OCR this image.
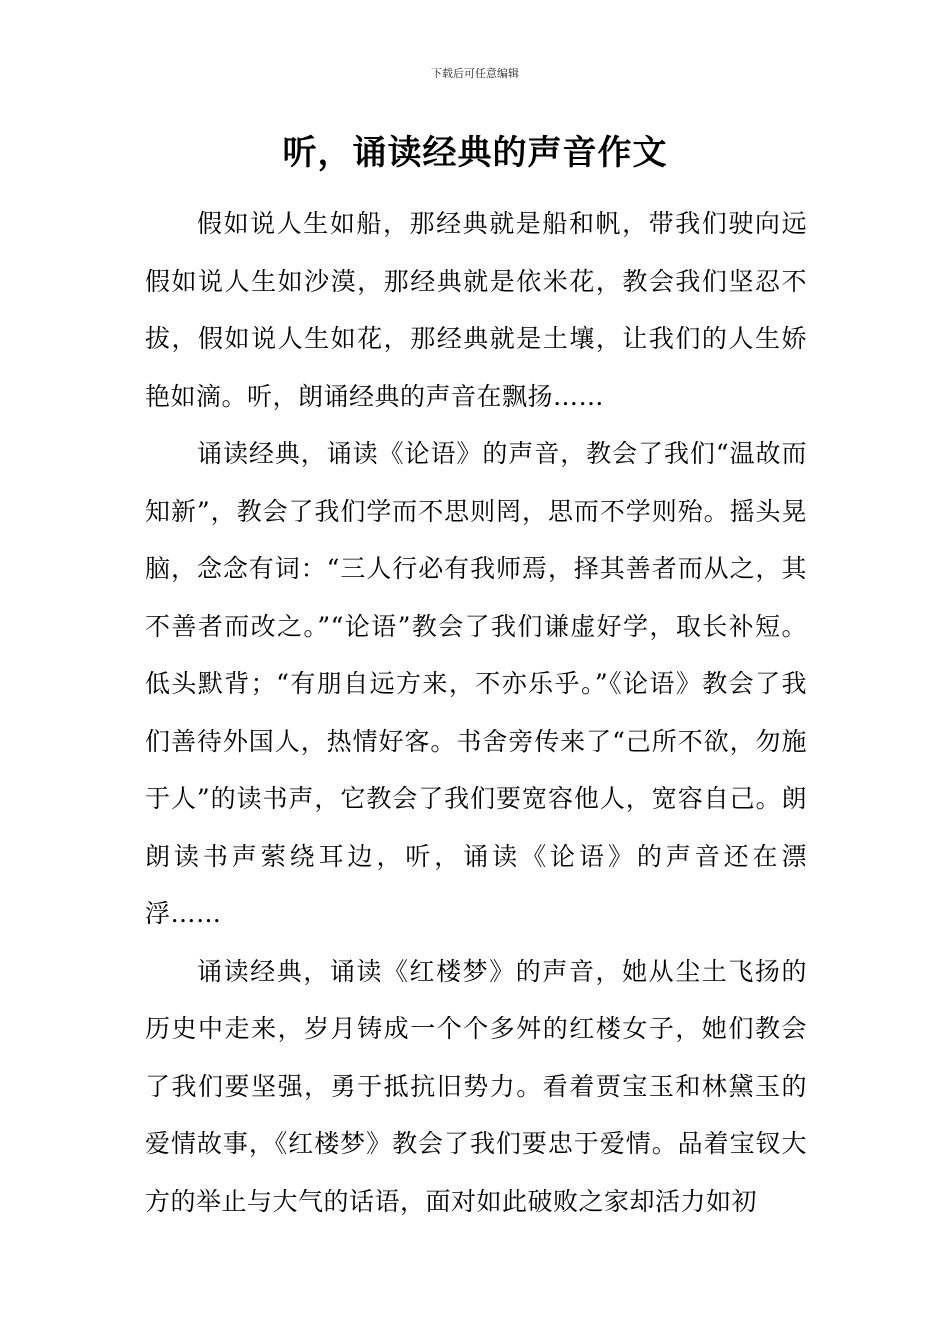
下载后可任意编辑
听，诵读经典的声音作文

假如说人生如船，那经典就是船和帆，带我们驶向远假如说人生如沙漠，那经典就是依米花，教会我们坚忍不拔，假如说人生如花，那经典就是土壤，让我们的人生娇艳如滴。听，朗诵经典的声音在飘扬……

诵读经典，诵读《论语》的声音，教会了我们“温故而知新”，教会了我们学而不思则罔，思而不学则殆。摇头晃脑，念念有词：“三人行必有我师焉，择其善者而从之，其不善者而改之。”“论语”教会了我们谦虚好学，取长补短。低头默背；“有朋自远方来，不亦乐乎。”《论语》教会了我们善待外国人，热情好客。书舍旁传来了“己所不欲，勿施于人”的读书声，它教会了我们要宽容他人，宽容自己。朗朗读书声萦绕耳边，听，诵读《论语》的声音还在漂浮……

诵读经典，诵读《红楼梦》的声音，她从尘土飞扬的历史中走来，岁月铸成一个个多舛的红楼女子，她们教会了我们要坚强，勇于抵抗旧势力。看着贾宝玉和林黛玉的爱情故事，《红楼梦》教会了我们要忠于爱情。品着宝钗大方的举止与大气的话语，面对如此破败之家却活力如初
